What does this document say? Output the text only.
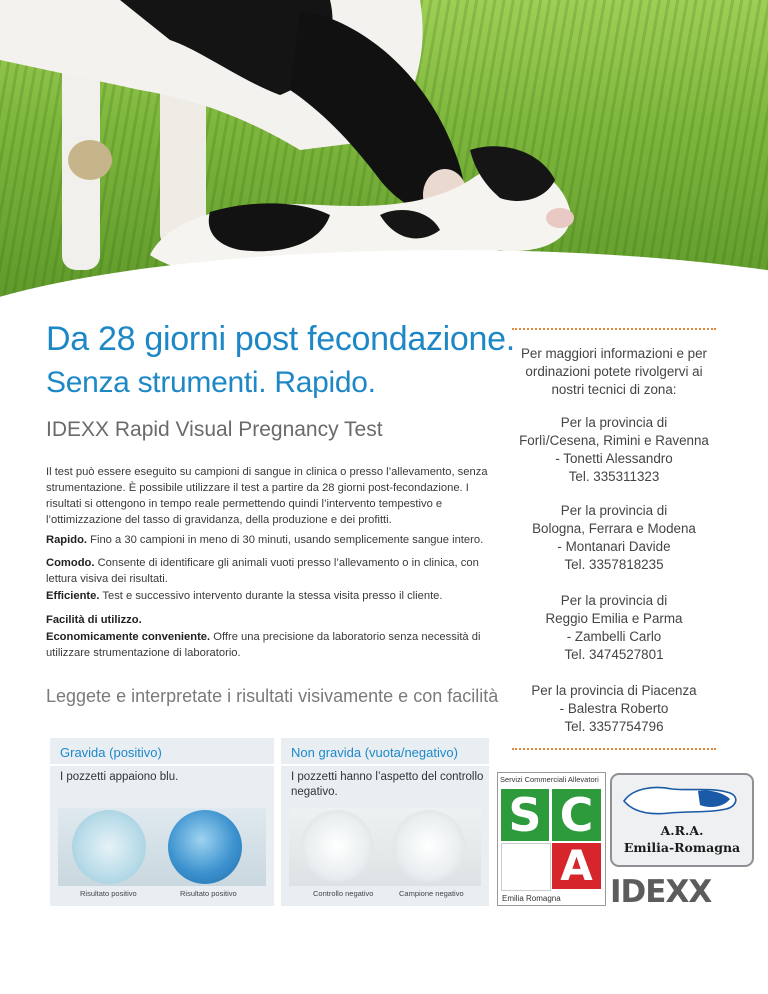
Da 28 giorni post fecondazione.
Senza strumenti. Rapido.
IDEXX Rapid Visual Pregnancy Test
Il test può essere eseguito su campioni di sangue in clinica o presso l’allevamento, senza strumentazione. È possibile utilizzare il test a partire da 28 giorni post-fecondazione. I risultati si ottengono in tempo reale permettendo quindi l’intervento tempestivo e l’ottimizzazione del tasso di gravidanza, della produzione e dei profitti.
Rapido. Fino a 30 campioni in meno di 30 minuti, usando semplicemente sangue intero.
Comodo. Consente di identificare gli animali vuoti presso l’allevamento o in clinica, con lettura visiva dei risultati.
Efficiente. Test e successivo intervento durante la stessa visita presso il cliente.
Facilità di utilizzo.
Economicamente conveniente. Offre una precisione da laboratorio senza necessità di utilizzare strumentazione di laboratorio.
Leggete e interpretate i risultati visivamente e con facilità
Gravida (positivo)
I pozzetti appaiono blu.
Risultato positivo	Risultato positivo
Non gravida (vuota/negativo)
I pozzetti hanno l’aspetto del controllo negativo.
Controllo negativo	Campione negativo
Per maggiori informazioni e per ordinazioni potete rivolgervi ai nostri tecnici di zona:
Per la provincia di
Forlì/Cesena, Rimini e Ravenna
- Tonetti Alessandro
Tel. 335311323
Per la provincia di
Bologna, Ferrara e Modena
- Montanari Davide
Tel. 3357818235
Per la provincia di
Reggio Emilia e Parma
- Zambelli Carlo
Tel. 3474527801
Per la provincia di Piacenza
- Balestra Roberto
Tel. 3357754796
Servizi Commerciali Allevatori
S C
A
Emilia Romagna
A.R.A.
Emilia-Romagna
IDEXX
